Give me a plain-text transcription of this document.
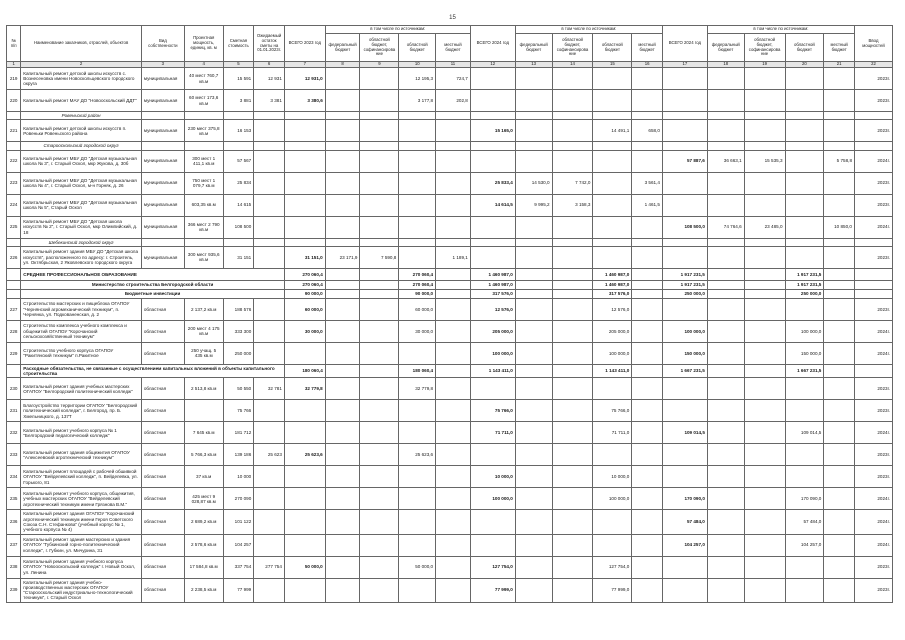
15
№ п/п	Наименование заказчиков, отраслей, объектов	Вид собственности	Проектная мощность, единиц, кв. м	Сметная стоимость	Ожидаемый остаток сметы на 01.01.2023г.	ВСЕГО 2023 год	в том числе по источникам:				ВСЕГО 2024 год	в том числе по источникам:				ВСЕГО 2024 год	в том числе по источникам:				Ввод мощностей
							федеральный бюджет	областной бюджет, софинансирова ние	областной бюджет	местный бюджет		федеральный бюджет	областной бюджет, софинансирова ние	областной бюджет	местный бюджет		федеральный бюджет	областной бюджет, софинансирова ние	областной бюджет	местный бюджет	
1	2	3	4	5	6	7	8	9	10	11	12	13	14	15	16	17	18	19	20	21	22
219	Капитальный ремонт детской школы искусств с. Вознесеновка имени Новоскольцевского городского округа	муниципальная	40 мест 760,7 кв.м	15 591	12 931	12 931,0			12 195,3	724,7											2023г.
220	Капитальный ремонт МАУ ДО "Новооскольский ДДТ"	муниципальная	60 мест 173,6 кв.м	3 881	3 381	3 380,6			3 177,8	202,8											2023г.
	Ровеньский район																				
221	Капитальный ремонт детской школы искусств п. Ровеньки Ровеньского района	муниципальная	230 мест 375,8 кв.м	16 153							15 165,0			14 491,1	658,0						2023г.
	Старооскольский городской округ																				
222	Капитальный ремонт МБУ ДО "Детская музыкальная школа № 3", г. Старый Оскол, мкр Жукова, д. 30б	муниципальная	300 мест 1 411,1 кв.м	57 567												57 887,6	36 663,1	15 535,3		5 758,8	2024г.
223	Капитальный ремонт МБУ ДО "Детская музыкальная школа № 4", г. Старый Оскол, м-н Горняк, д. 26	муниципальная	750 мест 1 079,7 кв.м	25 834							25 833,4	14 530,0	7 742,0		3 561,4						2023г.
224	Капитальный ремонт МБУ ДО "Детская музыкальная школа № 5", Старый Оскол	муниципальная	603,35 кв.м	14 615							14 614,5	9 995,2	3 158,3		1 461,5						2023г.
225	Капитальный ремонт МБУ ДО "Детская школа искусств № 2", г. Старый Оскол, мкр Олимпийский, д. 18	муниципальная	366 мест 2 790 кв.м	108 500												108 500,0	74 764,6	23 485,0		10 850,0	2024г.
	Шебекинский городской округ																				
226	Капитальный ремонт здания МБУ ДО "Детская школа искусств", расположенного по адресу: г. Строитель, ул. Октябрьская, 2 Яковлевского городского округа	муниципальная	300 мест 935,6 кв.м	31 151		31 151,0	23 171,9	7 590,8		1 189,1											2023г.
	СРЕДНЕЕ ПРОФЕССИОНАЛЬНОЕ ОБРАЗОВАНИЕ					270 060,4			270 060,4		1 460 987,0			1 460 987,0		1 917 231,5			1 917 231,5		
	Министерство строительства Белгородской области					270 060,4			270 060,4		1 460 987,0			1 460 987,0		1 917 231,5			1 917 231,5		
	Бюджетные инвестиции					90 000,0			90 000,0		317 576,0			317 576,0		250 000,0			250 000,0		
227	Строительство мастерских и пищеблока ОГАПОУ "Чернянский агромеханический техникум", п. Чернянка, ул. Подкованенская, д. 2	областная	2 137,2 кв.м	188 576		60 000,0			60 000,0		12 576,0			12 576,0							2023г.
228	Строительство комплекса учебного комплекса и общежитий ОГАПОУ "Корочанский сельскохозяйственный техникум"	областная	200 мест 4 175 кв.м	333 300		30 000,0			30 000,0		205 000,0			205 000,0		100 000,0			100 000,0		2024г.
229	Строительство учебного корпуса ОГАПОУ "Ракитянский техникум" п.Ракитное	областная	250 учащ. 5 435 кв.м	250 000							100 000,0			100 000,0		150 000,0			150 000,0		2024г.
	Расходные обязательства, не связанные с осуществлением капитальных вложений в объекты капитального строительства					180 060,4			180 060,4		1 143 411,0			1 143 411,0		1 667 231,5			1 667 231,5		
230	Капитальный ремонт здания учебных мастерских ОГАПОУ "Белгородский политехнический колледж"	областная	2 513,8 кв.м	50 550	32 781	32 779,8			32 779,8												2023г.
231	Благоустройство территории ОГАПОУ "Белгородский политехнический колледж", г. Белгород, пр. Б. Хмельницкого, д. 137Т	областная		75 766							75 766,0			75 766,0							2023г.
232	Капитальный ремонт учебного корпуса № 1 "Белгородский педагогический колледж"	областная	7 645 кв.м	181 712							71 711,0			71 711,0		109 014,5			109 014,5		2024г.
233	Капитальный ремонт здания общежития ОГАПОУ "Алексеевский агротехнический техникум"	областная	5 766,3 кв.м	139 186	25 623	25 623,6			25 623,6												2023г.
234	Капитальный ремонт площадей с рабочей обшивкой ОГАПОУ "Вейделевский колледж", п. Вейделевка, ул. Горького, 81	областная	37 кв.м	10 000							10 000,0			10 000,0							2023г.
235	Капитальный ремонт учебного корпуса, общежития, учебных мастерских ОГАПОУ "Вейделевский агротехнический техникум имени Грязнова В.М."	областная	425 мест 9 028,87 кв.м	270 090							100 000,0			100 000,0		170 090,0			170 090,0		2024г.
236	Капитальный ремонт здания ОГАПОУ "Корочанский агротехнический техникум имени Героя Советского Союза С.Н. Стефанкова" (учебный корпус № 1, учебного корпуса № 4)	областная	2 689,2 кв.м	101 122												57 484,0			57 484,0		2024г.
237	Капитальный ремонт здания мастерских и здания ОГАПОУ "Губкинский горно-политехнический колледж", г. Губкин, ул. Мичурина, 31	областная	2 578,6 кв.м	104 257												104 257,0			104 257,0		2024г.
238	Капитальный ремонт здания учебного корпуса ОГАПОУ "Новооскольский колледж" г. Новый Оскол, ул. Ленина	областная	17 584,8 кв.м	337 754	277 754	50 000,0			50 000,0		127 754,0			127 754,0							2023г.
239	Капитальный ремонт здания учебно-производственных мастерских ОГАПОУ "Старооскольский индустриально-технологический техникум", г. Старый Оскол	областная	2 238,5 кв.м	77 999							77 999,0			77 999,0							2023г.
